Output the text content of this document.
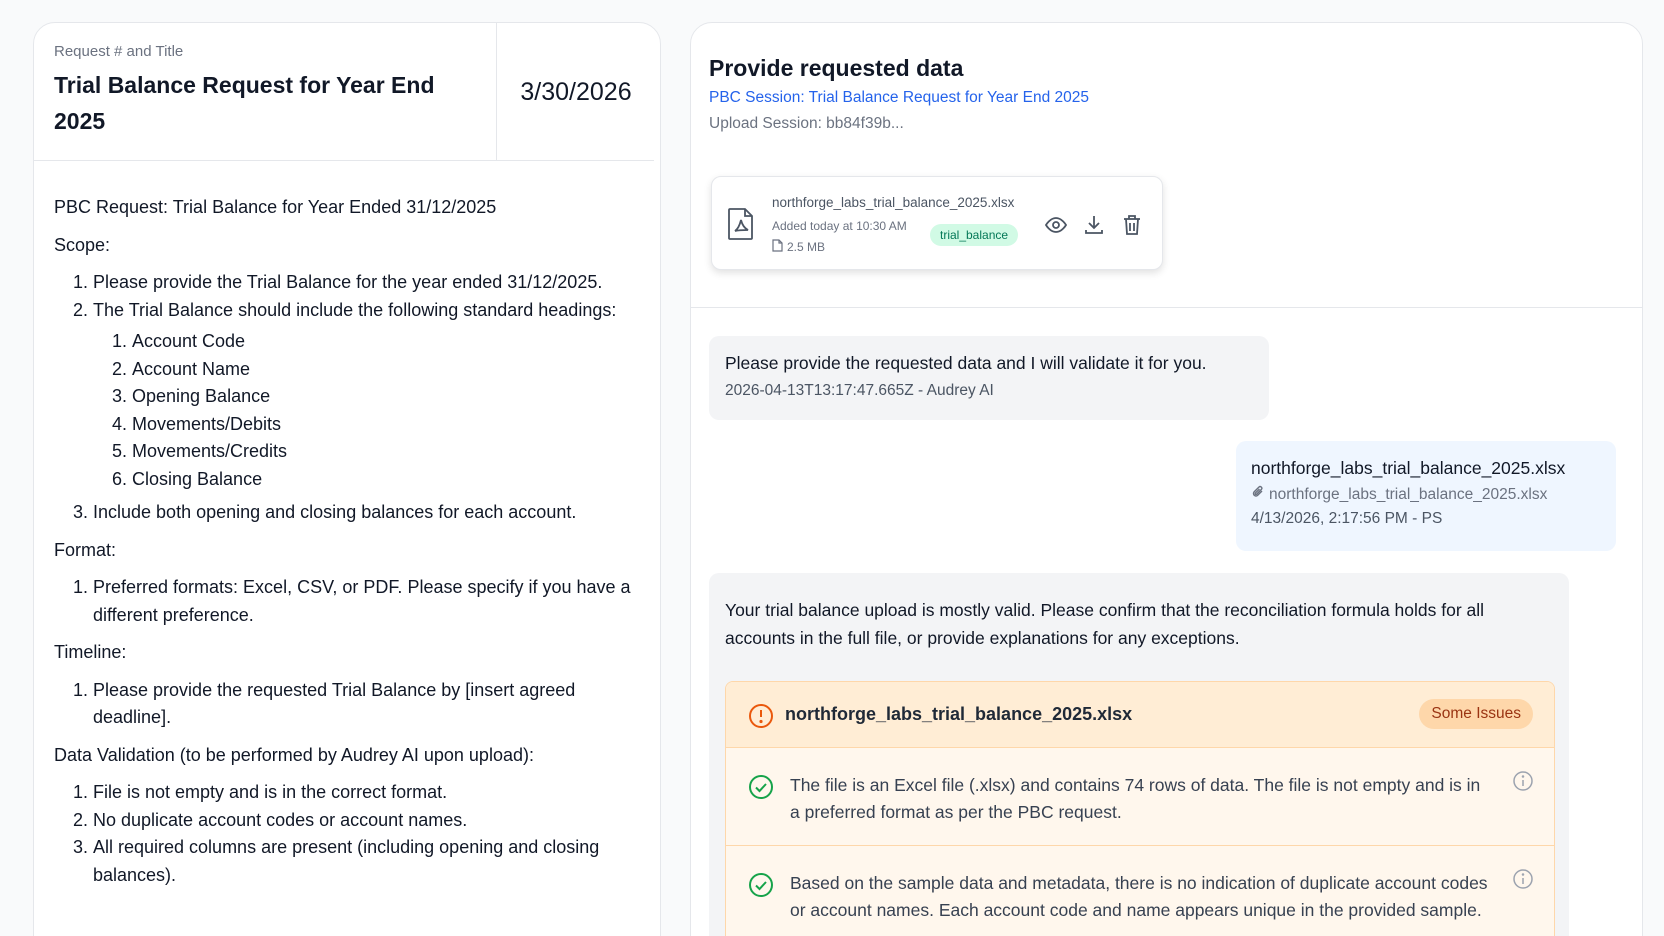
Request # and Title
Trial Balance Request for Year End 2025
3/30/2026

PBC Request: Trial Balance for Year Ended 31/12/2025

Scope:

1. Please provide the Trial Balance for the year ended 31/12/2025.
2. The Trial Balance should include the following standard headings:
1. Account Code
2. Account Name
3. Opening Balance
4. Movements/Debits
5. Movements/Credits
6. Closing Balance
3. Include both opening and closing balances for each account.

Format:

1. Preferred formats: Excel, CSV, or PDF. Please specify if you have a different preference.

Timeline:

1. Please provide the requested Trial Balance by [insert agreed deadline].

Data Validation (to be performed by Audrey AI upon upload):

1. File is not empty and is in the correct format.
2. No duplicate account codes or account names.
3. All required columns are present (including opening and closing balances).
Provide requested data
PBC Session: Trial Balance Request for Year End 2025
Upload Session: bb84f39b...
northforge_labs_trial_balance_2025.xlsx
Added today at 10:30 AM
2.5 MB
trial_balance
Please provide the requested data and I will validate it for you.
2026-04-13T13:17:47.665Z - Audrey AI
northforge_labs_trial_balance_2025.xlsx
northforge_labs_trial_balance_2025.xlsx
4/13/2026, 2:17:56 PM - PS
Your trial balance upload is mostly valid. Please confirm that the reconciliation formula holds for all accounts in the full file, or provide explanations for any exceptions.
northforge_labs_trial_balance_2025.xlsx	Some Issues
The file is an Excel file (.xlsx) and contains 74 rows of data. The file is not empty and is in a preferred format as per the PBC request.
Based on the sample data and metadata, there is no indication of duplicate account codes or account names. Each account code and name appears unique in the provided sample.
